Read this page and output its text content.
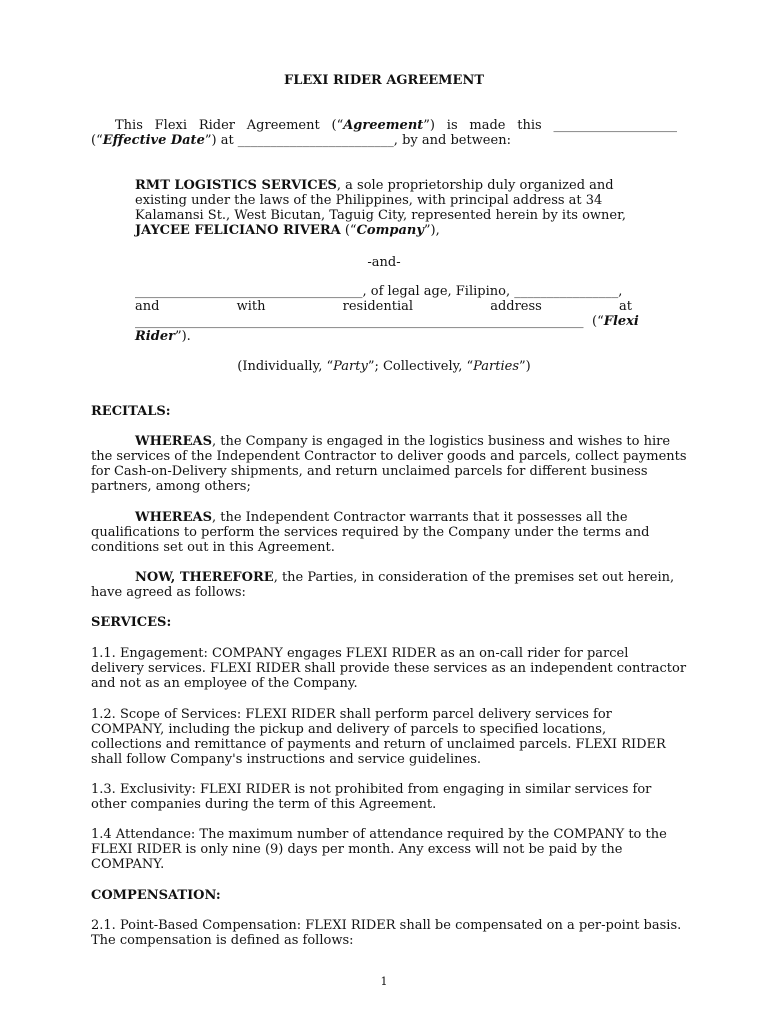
FLEXI RIDER AGREEMENT
This Flexi Rider Agreement (“Agreement”) is made this ___________________
(“Effective Date”) at ________________________, by and between:
RMT LOGISTICS SERVICES, a sole proprietorship duly organized and
existing under the laws of the Philippines, with principal address at 34
Kalamansi St., West Bicutan, Taguig City, represented herein by its owner,
JAYCEE FELICIANO RIVERA (“Company”),
-and-
___________________________________, of legal age, Filipino, ________________,
and	with	residential	address	at
_____________________________________________________________________ (“Flexi
Rider”).
(Individually, “Party”; Collectively, “Parties”)
RECITALS:
WHEREAS, the Company is engaged in the logistics business and wishes to hire
the services of the Independent Contractor to deliver goods and parcels, collect payments
for Cash-on-Delivery shipments, and return unclaimed parcels for different business
partners, among others;
WHEREAS, the Independent Contractor warrants that it possesses all the
qualifications to perform the services required by the Company under the terms and
conditions set out in this Agreement.
NOW, THEREFORE, the Parties, in consideration of the premises set out herein,
have agreed as follows:
SERVICES:
1.1. Engagement: COMPANY engages FLEXI RIDER as an on-call rider for parcel
delivery services. FLEXI RIDER shall provide these services as an independent contractor
and not as an employee of the Company.
1.2. Scope of Services: FLEXI RIDER shall perform parcel delivery services for
COMPANY, including the pickup and delivery of parcels to specified locations,
collections and remittance of payments and return of unclaimed parcels. FLEXI RIDER
shall follow Company's instructions and service guidelines.
1.3. Exclusivity: FLEXI RIDER is not prohibited from engaging in similar services for
other companies during the term of this Agreement.
1.4 Attendance: The maximum number of attendance required by the COMPANY to the
FLEXI RIDER is only nine (9) days per month. Any excess will not be paid by the
COMPANY.
COMPENSATION:
2.1. Point-Based Compensation: FLEXI RIDER shall be compensated on a per-point basis.
The compensation is defined as follows:
1
